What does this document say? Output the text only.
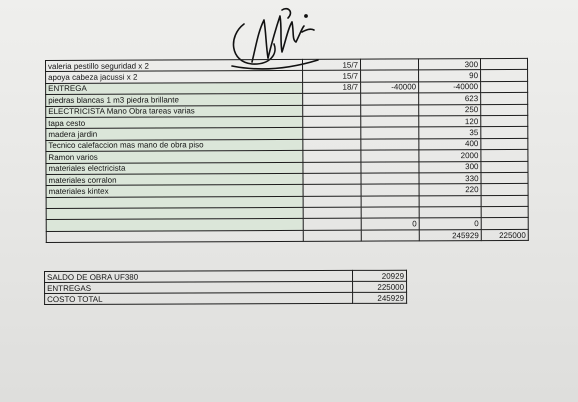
valeria pestillo seguridad x 2	15/7		300	
apoya cabeza jacussi x 2	15/7		90	
ENTREGA	18/7	-40000	-40000	
piedras blancas 1 m3 piedra brillante			623	
ELECTRICISTA Mano Obra tareas varias			250	
tapa cesto			120	
madera jardin			35	
Tecnico calefaccion mas mano de obra piso			400	
Ramon varios			2000	
materiales electricista			300	
materiales corralon			330	
materiales kintex			220	

		0	0	
			245929	225000
SALDO DE OBRA UF380	20929
ENTREGAS	225000
COSTO TOTAL	245929
